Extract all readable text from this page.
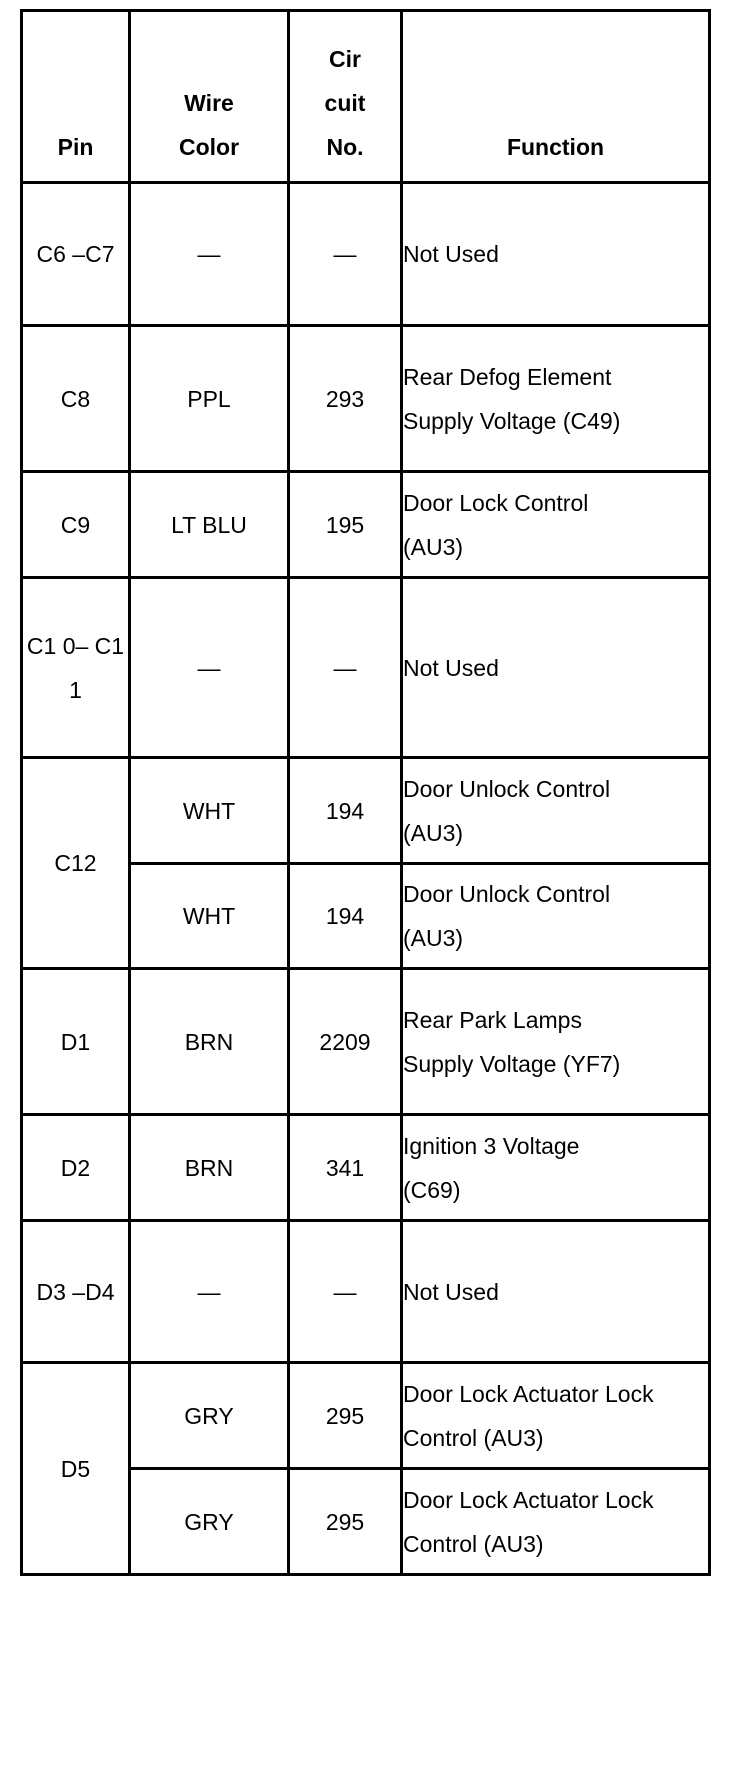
Pin	Wire Color	Cir cuit No.	Function

C6 –C7	—	—	Not Used
C8	PPL	293	Rear Defog Element Supply Voltage (C49)
C9	LT BLU	195	Door Lock Control (AU3)
C1 0– C11	—	—	Not Used
C12	WHT	194	Door Unlock Control (AU3)
	WHT	194	Door Unlock Control (AU3)
D1	BRN	2209	Rear Park Lamps Supply Voltage (YF7)
D2	BRN	341	Ignition 3 Voltage (C69)
D3 –D4	—	—	Not Used
D5	GRY	295	Door Lock Actuator Lock Control (AU3)
	GRY	295	Door Lock Actuator Lock Control (AU3)
